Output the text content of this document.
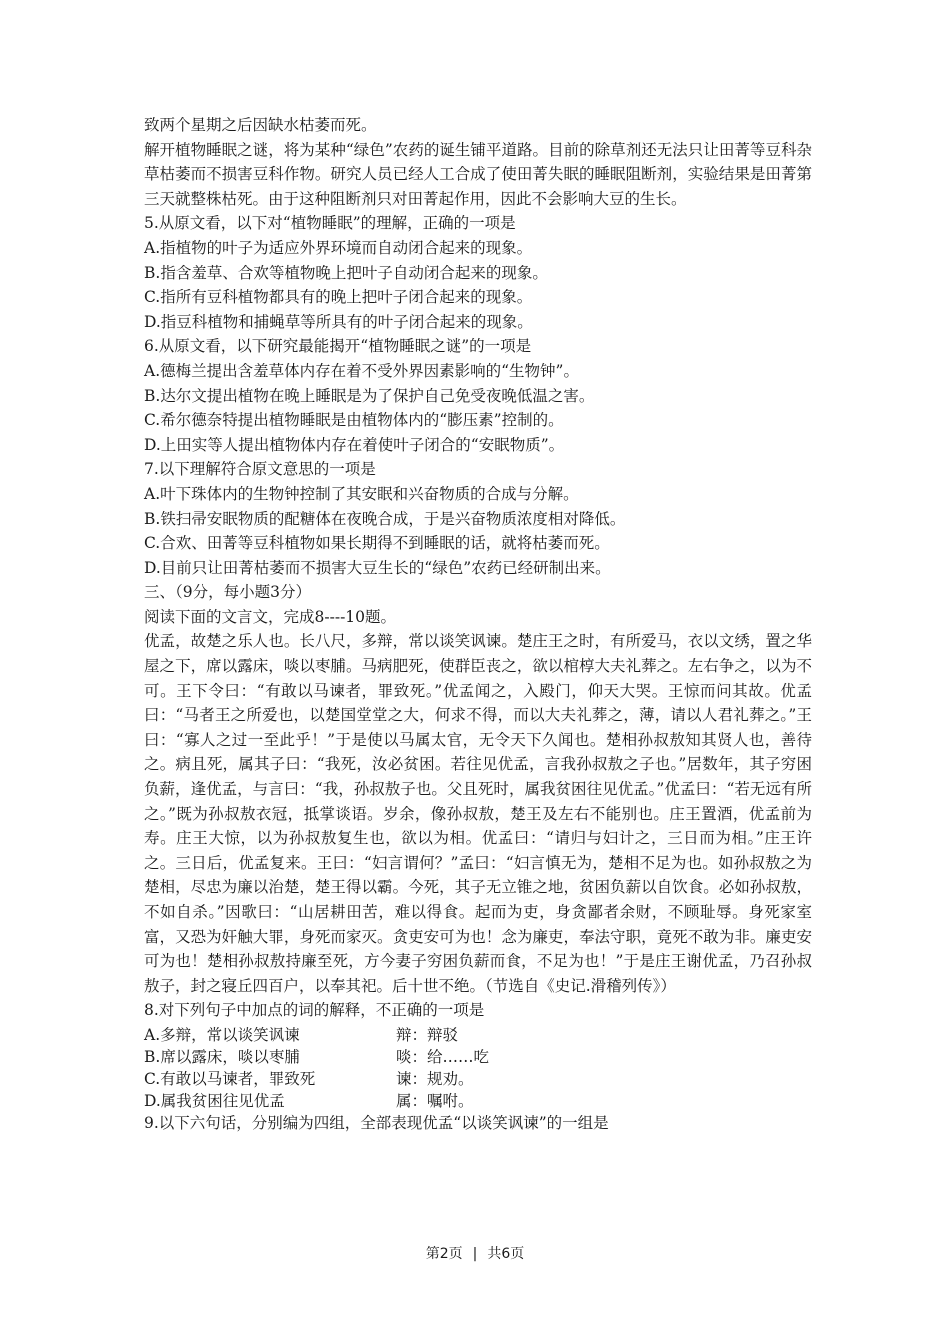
致两个星期之后因缺水枯萎而死。

解开植物睡眠之谜，将为某种“绿色”农药的诞生铺平道路。目前的除草剂还无法只让田菁等豆科杂草枯萎而不损害豆科作物。研究人员已经人工合成了使田菁失眠的睡眠阻断剂，实验结果是田菁第三天就整株枯死。由于这种阻断剂只对田菁起作用，因此不会影响大豆的生长。

5.从原文看，以下对“植物睡眠”的理解，正确的一项是

A.指植物的叶子为适应外界环境而自动闭合起来的现象。

B.指含羞草、合欢等植物晚上把叶子自动闭合起来的现象。

C.指所有豆科植物都具有的晚上把叶子闭合起来的现象。

D.指豆科植物和捕蝇草等所具有的叶子闭合起来的现象。

6.从原文看，以下研究最能揭开“植物睡眠之谜”的一项是

A.德梅兰提出含羞草体内存在着不受外界因素影响的“生物钟”。

B.达尔文提出植物在晚上睡眠是为了保护自己免受夜晚低温之害。

C.希尔德奈特提出植物睡眠是由植物体内的“膨压素”控制的。

D.上田实等人提出植物体内存在着使叶子闭合的“安眠物质”。

7.以下理解符合原文意思的一项是

A.叶下珠体内的生物钟控制了其安眠和兴奋物质的合成与分解。

B.铁扫帚安眠物质的配糖体在夜晚合成，于是兴奋物质浓度相对降低。

C.合欢、田菁等豆科植物如果长期得不到睡眠的话，就将枯萎而死。

D.目前只让田菁枯萎而不损害大豆生长的“绿色”农药已经研制出来。

三、（9分，每小题3分）

阅读下面的文言文，完成8----10题。

优孟，故楚之乐人也。长八尺，多辩，常以谈笑讽谏。楚庄王之时，有所爱马，衣以文绣，置之华屋之下，席以露床，啖以枣脯。马病肥死，使群臣丧之，欲以棺椁大夫礼葬之。左右争之，以为不可。王下令曰：“有敢以马谏者，罪致死。”优孟闻之，入殿门，仰天大哭。王惊而问其故。优孟曰：“马者王之所爱也，以楚国堂堂之大，何求不得，而以大夫礼葬之，薄，请以人君礼葬之。”王曰：“寡人之过一至此乎！”于是使以马属太官，无令天下久闻也。楚相孙叔敖知其贤人也，善待之。病且死，属其子曰：“我死，汝必贫困。若往见优孟，言我孙叔敖之子也。”居数年，其子穷困负薪，逢优孟，与言曰：“我，孙叔敖子也。父且死时，属我贫困往见优孟。”优孟曰：“若无远有所之。”既为孙叔敖衣冠，抵掌谈语。岁余，像孙叔敖，楚王及左右不能别也。庄王置酒，优孟前为寿。庄王大惊，以为孙叔敖复生也，欲以为相。优孟曰：“请归与妇计之，三日而为相。”庄王许之。三日后，优孟复来。王曰：“妇言谓何？”孟曰：“妇言慎无为，楚相不足为也。如孙叔敖之为楚相，尽忠为廉以治楚，楚王得以霸。今死，其子无立锥之地，贫困负薪以自饮食。必如孙叔敖，不如自杀。”因歌曰：“山居耕田苦，难以得食。起而为吏，身贪鄙者余财，不顾耻辱。身死家室富，又恐为奸触大罪，身死而家灭。贪吏安可为也！念为廉吏，奉法守职，竟死不敢为非。廉吏安可为也！楚相孙叔敖持廉至死，方今妻子穷困负薪而食，不足为也！”于是庄王谢优孟，乃召孙叔敖子，封之寝丘四百户，以奉其祀。后十世不绝。（节选自《史记.滑稽列传》）

8.对下列句子中加点的词的解释，不正确的一项是

A.多辩，常以谈笑讽谏	辩：辩驳
B.席以露床，啖以枣脯	啖：给……吃
C.有敢以马谏者，罪致死	谏：规劝。
D.属我贫困往见优孟	属：嘱咐。

9.以下六句话，分别编为四组，全部表现优孟“以谈笑讽谏”的一组是

第2页 | 共6页
